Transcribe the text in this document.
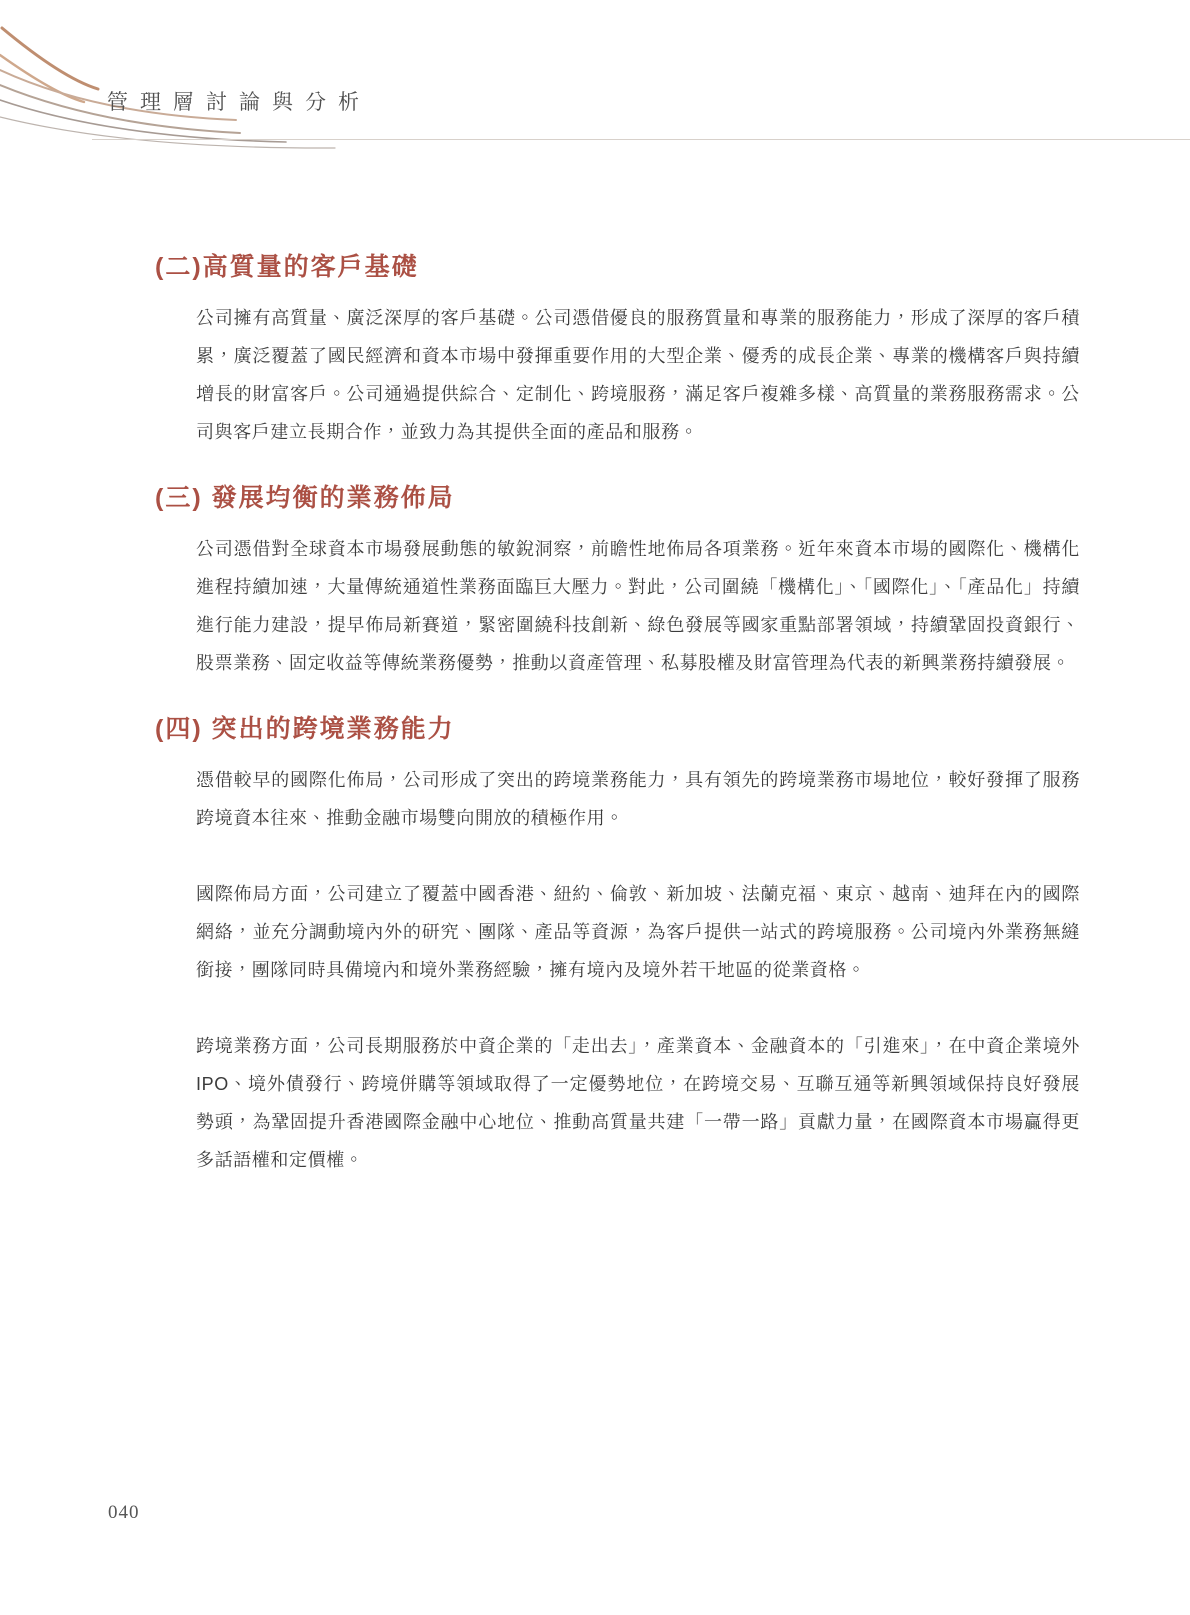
管理層討論與分析
(二)高質量的客戶基礎

公司擁有高質量、廣泛深厚的客戶基礎。公司憑借優良的服務質量和專業的服務能力，形成了深厚的客戶積累，廣泛覆蓋了國民經濟和資本市場中發揮重要作用的大型企業、優秀的成長企業、專業的機構客戶與持續增長的財富客戶。公司通過提供綜合、定制化、跨境服務，滿足客戶複雜多樣、高質量的業務服務需求。公司與客戶建立長期合作，並致力為其提供全面的產品和服務。

(三) 發展均衡的業務佈局

公司憑借對全球資本市場發展動態的敏銳洞察，前瞻性地佈局各項業務。近年來資本市場的國際化、機構化進程持續加速，大量傳統通道性業務面臨巨大壓力。對此，公司圍繞「機構化」、「國際化」、「產品化」持續進行能力建設，提早佈局新賽道，緊密圍繞科技創新、綠色發展等國家重點部署領域，持續鞏固投資銀行、股票業務、固定收益等傳統業務優勢，推動以資產管理、私募股權及財富管理為代表的新興業務持續發展。

(四) 突出的跨境業務能力

憑借較早的國際化佈局，公司形成了突出的跨境業務能力，具有領先的跨境業務市場地位，較好發揮了服務跨境資本往來、推動金融市場雙向開放的積極作用。

國際佈局方面，公司建立了覆蓋中國香港、紐約、倫敦、新加坡、法蘭克福、東京、越南、迪拜在內的國際網絡，並充分調動境內外的研究、團隊、產品等資源，為客戶提供一站式的跨境服務。公司境內外業務無縫銜接，團隊同時具備境內和境外業務經驗，擁有境內及境外若干地區的從業資格。

跨境業務方面，公司長期服務於中資企業的「走出去」，產業資本、金融資本的「引進來」，在中資企業境外IPO、境外債發行、跨境併購等領域取得了一定優勢地位，在跨境交易、互聯互通等新興領域保持良好發展勢頭，為鞏固提升香港國際金融中心地位、推動高質量共建「一帶一路」貢獻力量，在國際資本市場贏得更多話語權和定價權。

040
